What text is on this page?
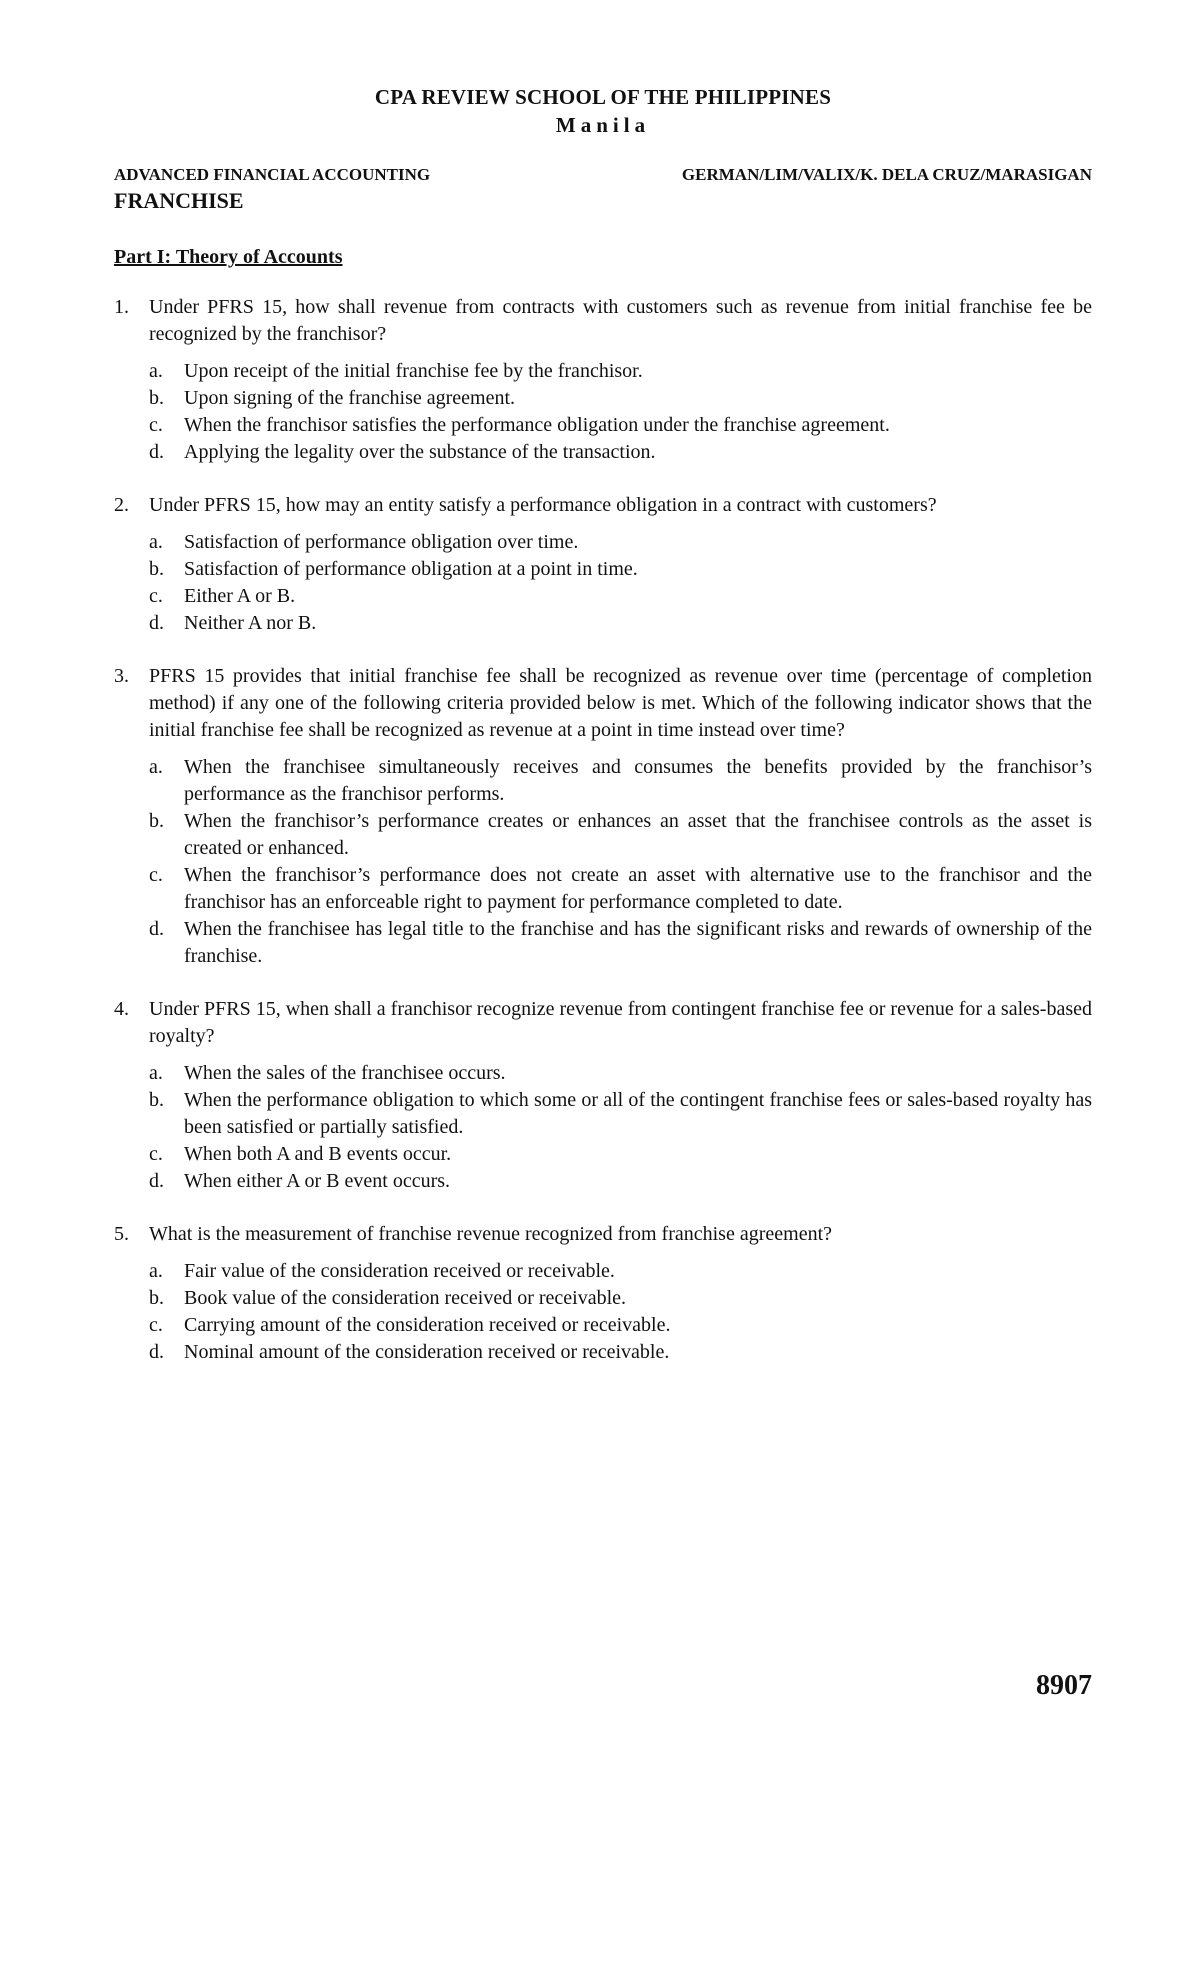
CPA REVIEW SCHOOL OF THE PHILIPPINES
Manila
ADVANCED FINANCIAL ACCOUNTING	GERMAN/LIM/VALIX/K. DELA CRUZ/MARASIGAN
FRANCHISE
Part I: Theory of Accounts
1.	Under PFRS 15, how shall revenue from contracts with customers such as revenue from initial franchise fee be recognized by the franchisor?
a.	Upon receipt of the initial franchise fee by the franchisor.
b.	Upon signing of the franchise agreement.
c.	When the franchisor satisfies the performance obligation under the franchise agreement.
d.	Applying the legality over the substance of the transaction.
2.	Under PFRS 15, how may an entity satisfy a performance obligation in a contract with customers?
a.	Satisfaction of performance obligation over time.
b.	Satisfaction of performance obligation at a point in time.
c.	Either A or B.
d.	Neither A nor B.
3.	PFRS 15 provides that initial franchise fee shall be recognized as revenue over time (percentage of completion method) if any one of the following criteria provided below is met. Which of the following indicator shows that the initial franchise fee shall be recognized as revenue at a point in time instead over time?
a.	When the franchisee simultaneously receives and consumes the benefits provided by the franchisor’s performance as the franchisor performs.
b.	When the franchisor’s performance creates or enhances an asset that the franchisee controls as the asset is created or enhanced.
c.	When the franchisor’s performance does not create an asset with alternative use to the franchisor and the franchisor has an enforceable right to payment for performance completed to date.
d.	When the franchisee has legal title to the franchise and has the significant risks and rewards of ownership of the franchise.
4.	Under PFRS 15, when shall a franchisor recognize revenue from contingent franchise fee or revenue for a sales-based royalty?
a.	When the sales of the franchisee occurs.
b.	When the performance obligation to which some or all of the contingent franchise fees or sales-based royalty has been satisfied or partially satisfied.
c.	When both A and B events occur.
d.	When either A or B event occurs.
5.	What is the measurement of franchise revenue recognized from franchise agreement?
a.	Fair value of the consideration received or receivable.
b.	Book value of the consideration received or receivable.
c.	Carrying amount of the consideration received or receivable.
d.	Nominal amount of the consideration received or receivable.
8907
